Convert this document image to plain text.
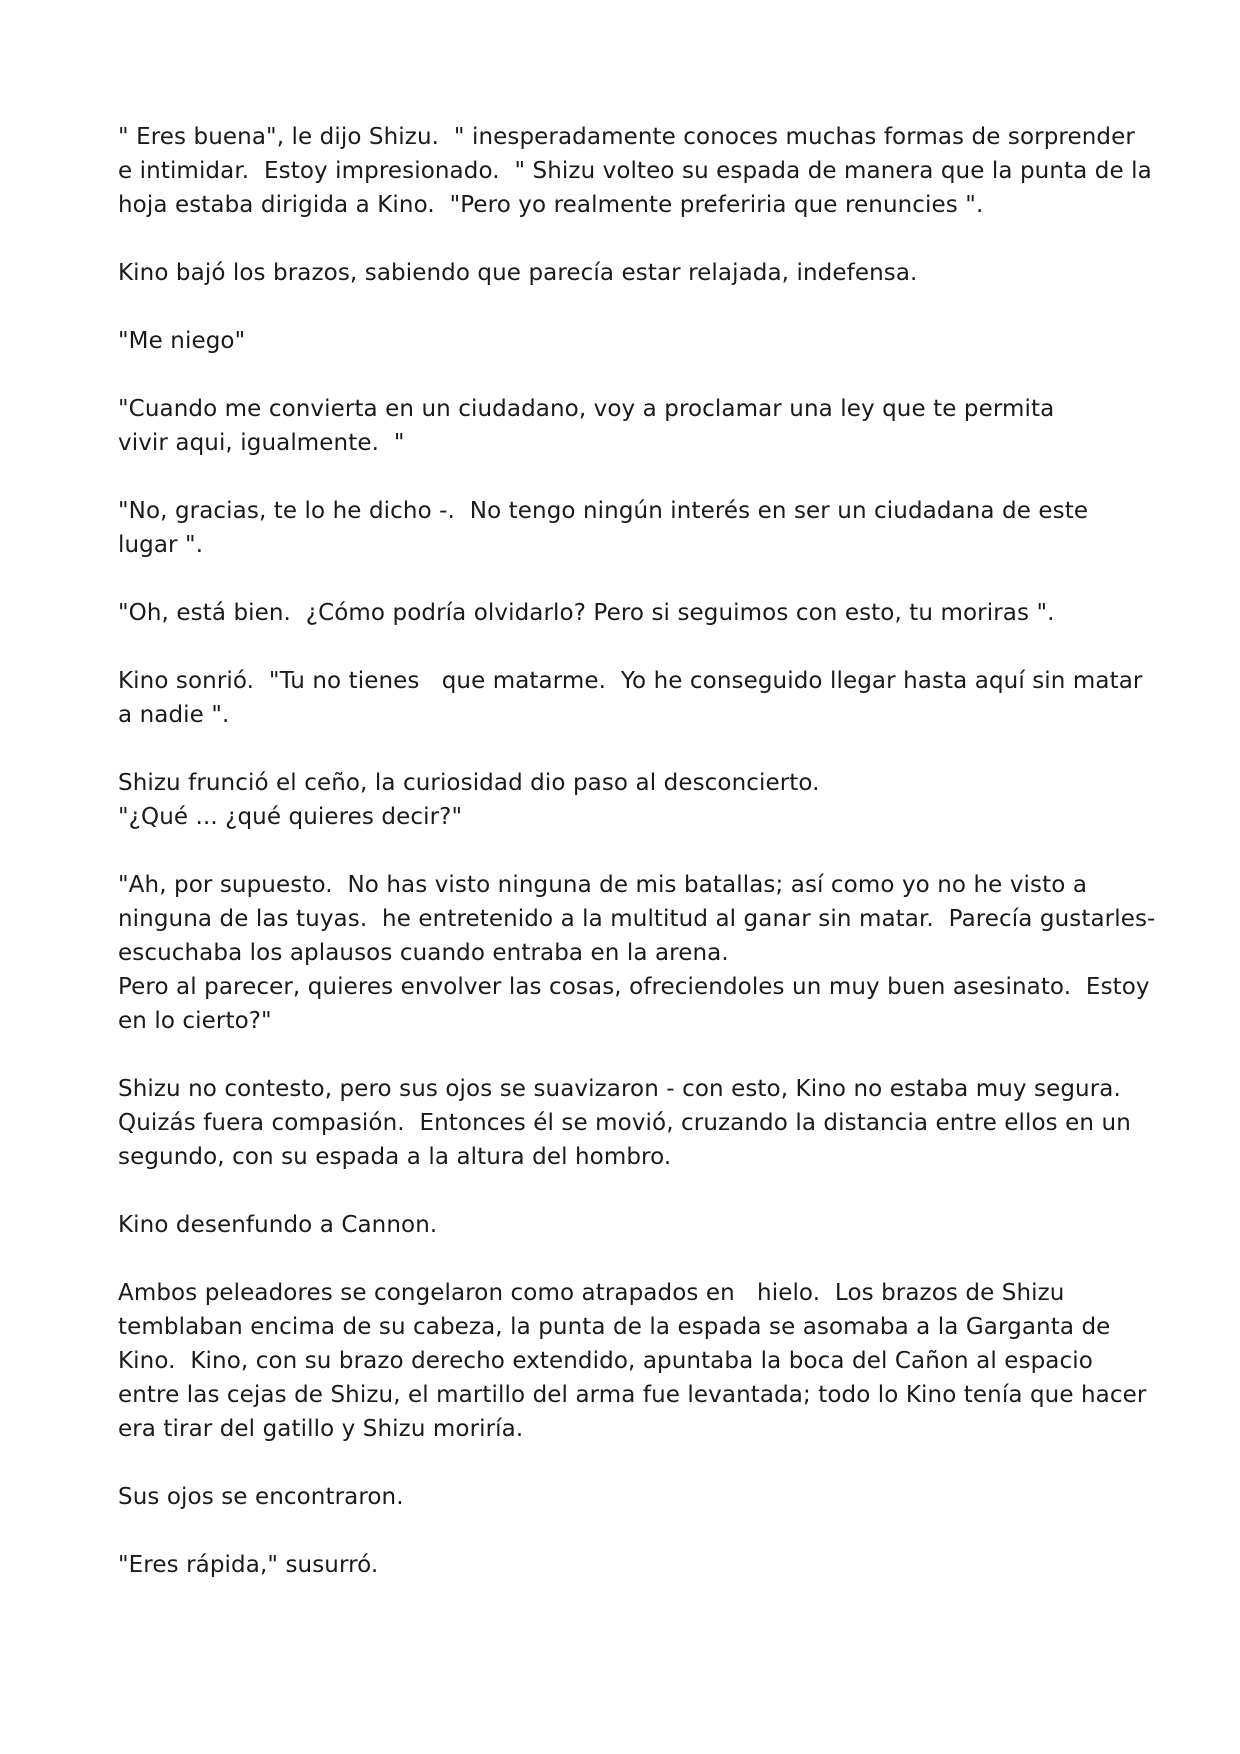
" Eres buena", le dijo Shizu.  " inesperadamente conoces muchas formas de sorprender
e intimidar.  Estoy impresionado.  " Shizu volteo su espada de manera que la punta de la
hoja estaba dirigida a Kino.  "Pero yo realmente preferiria que renuncies ".
Kino bajó los brazos, sabiendo que parecía estar relajada, indefensa.
"Me niego"
"Cuando me convierta en un ciudadano, voy a proclamar una ley que te permita
vivir aqui, igualmente.  "
"No, gracias, te lo he dicho -.  No tengo ningún interés en ser un ciudadana de este
lugar ".
"Oh, está bien.  ¿Cómo podría olvidarlo? Pero si seguimos con esto, tu moriras ".
Kino sonrió.  "Tu no tienes   que matarme.  Yo he conseguido llegar hasta aquí sin matar
a nadie ".
Shizu frunció el ceño, la curiosidad dio paso al desconcierto.
"¿Qué ... ¿qué quieres decir?"
"Ah, por supuesto.  No has visto ninguna de mis batallas; así como yo no he visto a
ninguna de las tuyas.  he entretenido a la multitud al ganar sin matar.  Parecía gustarles-
escuchaba los aplausos cuando entraba en la arena.
Pero al parecer, quieres envolver las cosas, ofreciendoles un muy buen asesinato.  Estoy
en lo cierto?"
Shizu no contesto, pero sus ojos se suavizaron - con esto, Kino no estaba muy segura.
Quizás fuera compasión.  Entonces él se movió, cruzando la distancia entre ellos en un
segundo, con su espada a la altura del hombro.
Kino desenfundo a Cannon.
Ambos peleadores se congelaron como atrapados en   hielo.  Los brazos de Shizu
temblaban encima de su cabeza, la punta de la espada se asomaba a la Garganta de
Kino.  Kino, con su brazo derecho extendido, apuntaba la boca del Cañon al espacio
entre las cejas de Shizu, el martillo del arma fue levantada; todo lo Kino tenía que hacer
era tirar del gatillo y Shizu moriría.
Sus ojos se encontraron.
"Eres rápida," susurró.
